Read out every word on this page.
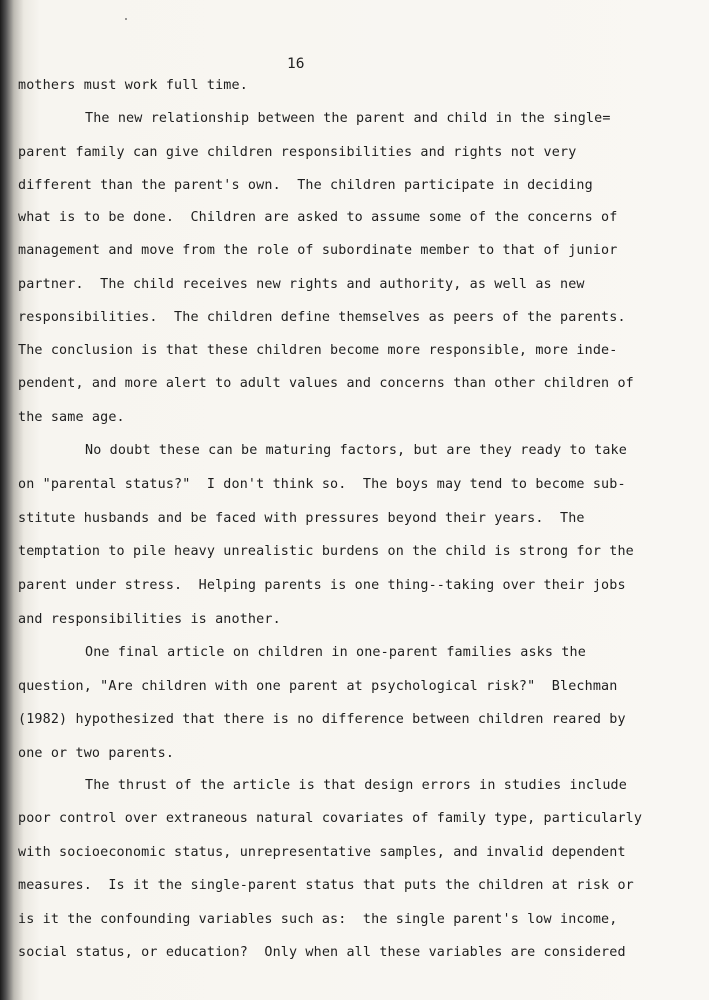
16

mothers must work full time.

The new relationship between the parent and child in the single=

parent family can give children responsibilities and rights not very

different than the parent's own.  The children participate in deciding

what is to be done.  Children are asked to assume some of the concerns of

management and move from the role of subordinate member to that of junior

partner.  The child receives new rights and authority, as well as new

responsibilities.  The children define themselves as peers of the parents.

The conclusion is that these children become more responsible, more inde-

pendent, and more alert to adult values and concerns than other children of

the same age.

No doubt these can be maturing factors, but are they ready to take

on "parental status?"  I don't think so.  The boys may tend to become sub-

stitute husbands and be faced with pressures beyond their years.  The

temptation to pile heavy unrealistic burdens on the child is strong for the

parent under stress.  Helping parents is one thing--taking over their jobs

and responsibilities is another.

One final article on children in one-parent families asks the

question, "Are children with one parent at psychological risk?"  Blechman

(1982) hypothesized that there is no difference between children reared by

one or two parents.

The thrust of the article is that design errors in studies include

poor control over extraneous natural covariates of family type, particularly

with socioeconomic status, unrepresentative samples, and invalid dependent

measures.  Is it the single-parent status that puts the children at risk or

is it the confounding variables such as:  the single parent's low income,

social status, or education?  Only when all these variables are considered
